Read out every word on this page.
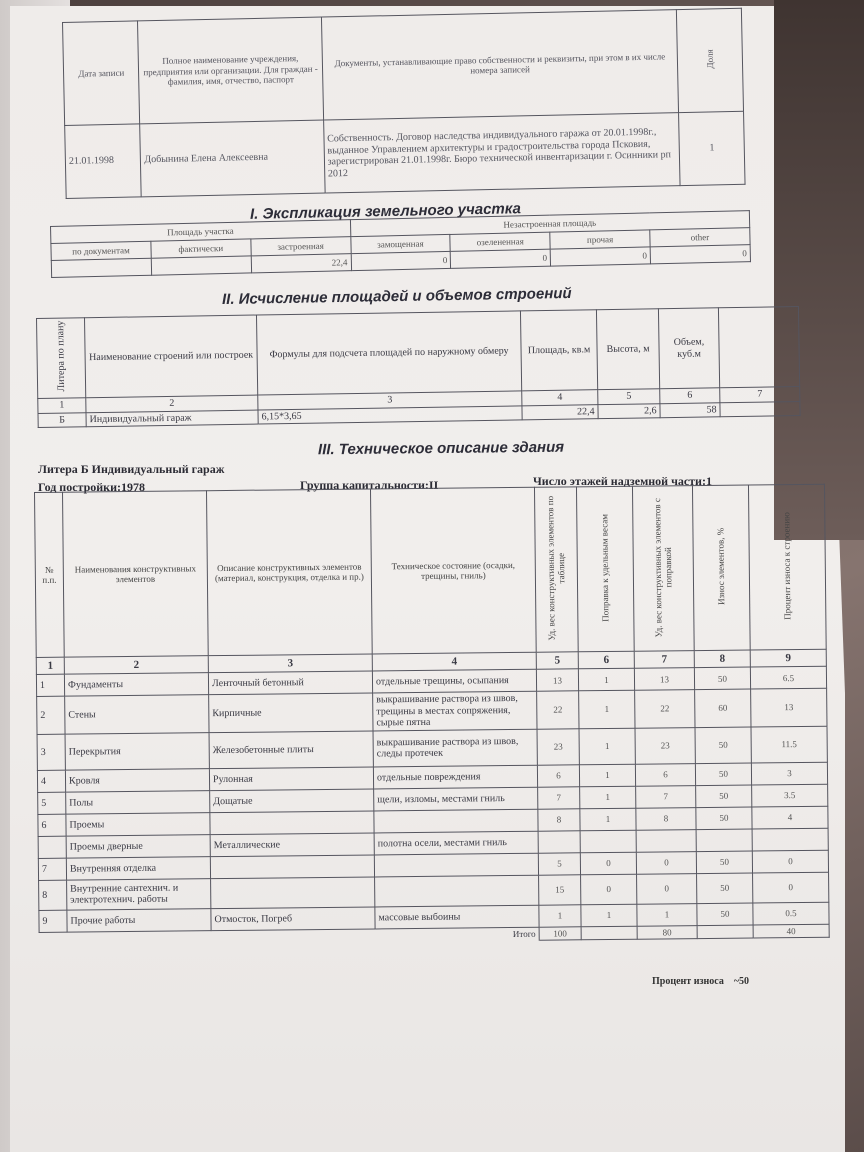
Дата записи	Полное наименование учреждения, предприятия или организации. Для граждан - фамилия, имя, отчество, паспорт	Документы, устанавливающие право собственности и реквизиты, при этом в их числе номера записей	Доля
21.01.1998	Добынина Елена Алексеевна	Собственность. Договор наследства индивидуального гаража от 20.01.1998г., выданное Управлением архитектуры и градостроительства города Псковия, зарегистрирован 21.01.1998г. Бюро технической инвентаризации г. Осинники рп 2012	1
I. Экспликация земельного участка
Площадь участка			Незастроенная площадь			
по документам	фактически	застроенная	замощенная	озелененная	прочая	other
		22,4	0	0	0	0
II. Исчисление площадей и объемов строений
Литера по плану	Наименование строений или построек	Формулы для подсчета площадей по наружному обмеру	Площадь, кв.м	Высота, м	Объем, куб.м	
1	2	3	4	5	6	7
Б	Индивидуальный гараж	6,15*3,65	22,4	2,6	58	
III. Техническое описание здания
Литера Б Индивидуальный гараж
Год постройки:1978	Группа капитальности:II	Число этажей надземной части:1
№ п.п.	Наименования конструктивных элементов	Описание конструктивных элементов (материал, конструкция, отделка и пр.)	Техническое состояние (осадки, трещины, гниль)	Уд. вес конструктивных элементов по таблице	Поправка к удельным весам	Уд. вес конструктивных элементов с поправкой	Износ элементов, %	Процент износа к строению
1	2	3	4	5	6	7	8	9
1	Фундаменты	Ленточный бетонный	отдельные трещины, осыпания	13	1	13	50	6.5
2	Стены	Кирпичные	выкрашивание раствора из швов, трещины в местах сопряжения, сырые пятна	22	1	22	60	13
3	Перекрытия	Железобетонные плиты	выкрашивание раствора из швов, следы протечек	23	1	23	50	11.5
4	Кровля	Рулонная	отдельные повреждения	6	1	6	50	3
5	Полы	Дощатые	щели, изломы, местами гниль	7	1	7	50	3.5
6	Проемы			8	1	8	50	4
	Проемы дверные	Металлические	полотна осели, местами гниль					
7	Внутренняя отделка			5	0	0	50	0
8	Внутренние сантехнич. и электротехнич. работы			15	0	0	50	0
9	Прочие работы	Отмосток, Погреб	массовые выбоины	1	1	1	50	0.5
Итого				100		80		40
Процент износа ~50
